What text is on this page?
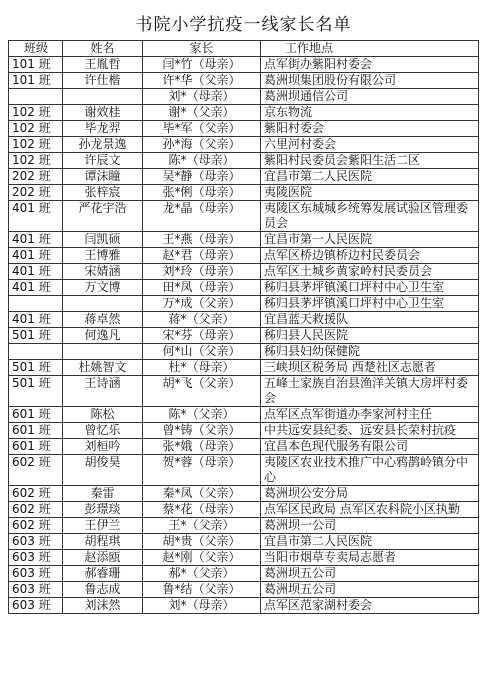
书院小学抗疫一线家长名单
班级	姓名	家长	工作地点
101 班	王胤哲	闫*竹（母亲）	点军街办紫阳村委会
101 班	许仕楷	许*华（父亲）	葛洲坝集团股份有限公司
		刘*（母亲）	葛洲坝通信公司
102 班	谢效桂	谢*（父亲）	京东物流
102 班	毕龙羿	毕*军（父亲）	紫阳村委会
102 班	孙龙景逸	孙*海（父亲）	六里河村委会
102 班	许辰文	陈*（母亲）	紫阳村民委员会紫阳生活二区
202 班	谭沫瞳	吴*静（母亲）	宜昌市第二人民医院
202 班	张梓宸	张*俐（母亲）	夷陵医院
401 班	严花宇浩	龙*晶（母亲）	夷陵区东城城乡统筹发展试验区管理委员会
401 班	闫凯硕	王*燕（母亲）	宜昌市第一人民医院
401 班	王博雅	赵*君（母亲）	点军区桥边镇桥边村民委员会
401 班	宋婧涵	刘*玲（母亲）	点军区土城乡黄家岭村民委员会
401 班	万文博	田*凤（母亲）	秭归县茅坪镇溪口坪村中心卫生室
		万*成（父亲）	秭归县茅坪镇溪口坪村中心卫生室
401 班	蒋卓然	蒋*（父亲）	宜昌蓝天救援队
501 班	何逸凡	宋*芬（母亲）	秭归县人民医院
		何*山（父亲）	秭归县妇幼保健院
501 班	杜姚智文	杜*（母亲）	三峡坝区税务局 西楚社区志愿者
501 班	王诗涵	胡*飞（父亲）	五峰土家族自治县渔洋关镇大房坪村委会
601 班	陈松	陈*（父亲）	点军区点军街道办李家河村主任
601 班	曾忆乐	曾*铸（父亲）	中共远安县纪委、远安县长荣村抗疫
601 班	刘桓吟	张*娥（母亲）	宜昌本色现代服务有限公司
602 班	胡俊昊	贺*蓉（母亲）	夷陵区农业技术推广中心鸦鹊岭镇分中心
602 班	秦雷	秦*凤（父亲）	葛洲坝公安分局
602 班	彭璟琰	蔡*花（母亲）	点军区民政局 点军区农科院小区执勤
602 班	王伊兰	王*（父亲）	葛洲坝一公司
603 班	胡程琪	胡*贵（父亲）	宜昌市第二人民医院
603 班	赵添瓯	赵*刚（父亲）	当阳市烟草专卖局志愿者
603 班	郝睿珊	郝*（父亲）	葛洲坝五公司
603 班	鲁志成	鲁*结（父亲）	葛洲坝五公司
603 班	刘沫然	刘*（母亲）	点军区范家湖村委会
